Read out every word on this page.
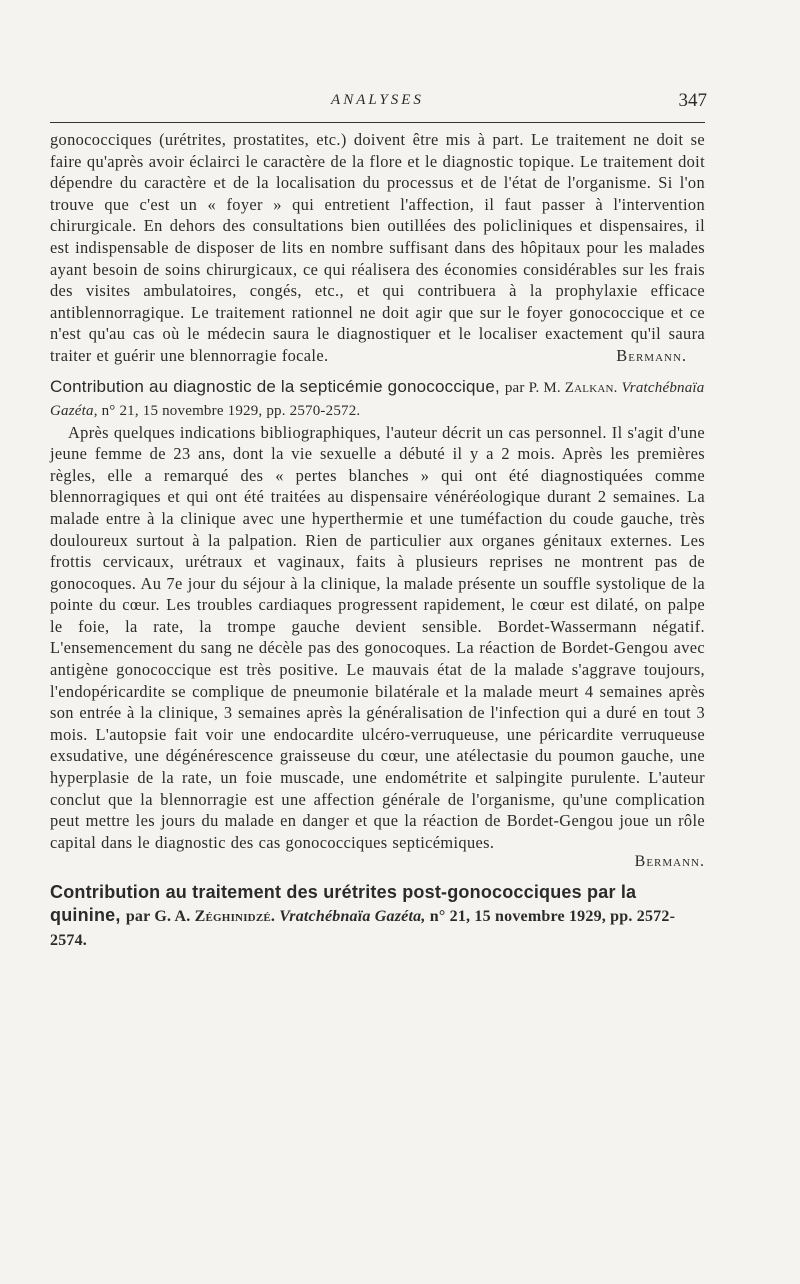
ANALYSES	347

gonococciques (urétrites, prostatites, etc.) doivent être mis à part. Le traitement ne doit se faire qu'après avoir éclairci le caractère de la flore et le diagnostic topique. Le traitement doit dépendre du caractère et de la localisation du processus et de l'état de l'organisme. Si l'on trouve que c'est un « foyer » qui entretient l'affection, il faut passer à l'intervention chirurgicale. En dehors des consultations bien outillées des policliniques et dispensaires, il est indispensable de disposer de lits en nombre suffisant dans des hôpitaux pour les malades ayant besoin de soins chirurgicaux, ce qui réalisera des économies considérables sur les frais des visites ambulatoires, congés, etc., et qui contribuera à la prophylaxie efficace antiblennorragique. Le traitement rationnel ne doit agir que sur le foyer gonococcique et ce n'est qu'au cas où le médecin saura le diagnostiquer et le localiser exactement qu'il saura traiter et guérir une blennorragie focale.	Bermann.

Contribution au diagnostic de la septicémie gonococcique, par P. M. Zalkan. Vratchébnaïa Gazéta, n° 21, 15 novembre 1929, pp. 2570-2572.

Après quelques indications bibliographiques, l'auteur décrit un cas personnel. Il s'agit d'une jeune femme de 23 ans, dont la vie sexuelle a débuté il y a 2 mois. Après les premières règles, elle a remarqué des « pertes blanches » qui ont été diagnostiquées comme blennorragiques et qui ont été traitées au dispensaire vénéréologique durant 2 semaines. La malade entre à la clinique avec une hyperthermie et une tuméfaction du coude gauche, très douloureux surtout à la palpation. Rien de particulier aux organes génitaux externes. Les frottis cervicaux, urétraux et vaginaux, faits à plusieurs reprises ne montrent pas de gonocoques. Au 7e jour du séjour à la clinique, la malade présente un souffle systolique de la pointe du cœur. Les troubles cardiaques progressent rapidement, le cœur est dilaté, on palpe le foie, la rate, la trompe gauche devient sensible. Bordet-Wassermann négatif. L'ensemencement du sang ne décèle pas des gonocoques. La réaction de Bordet-Gengou avec antigène gonococcique est très positive. Le mauvais état de la malade s'aggrave toujours, l'endopéricardite se complique de pneumonie bilatérale et la malade meurt 4 semaines après son entrée à la clinique, 3 semaines après la généralisation de l'infection qui a duré en tout 3 mois. L'autopsie fait voir une endocardite ulcéro-verruqueuse, une péricardite verruqueuse exsudative, une dégénérescence graisseuse du cœur, une atélectasie du poumon gauche, une hyperplasie de la rate, un foie muscade, une endométrite et salpingite purulente. L'auteur conclut que la blennorragie est une affection générale de l'organisme, qu'une complication peut mettre les jours du malade en danger et que la réaction de Bordet-Gengou joue un rôle capital dans le diagnostic des cas gonococciques septicémiques.

Bermann.
Contribution au traitement des urétrites post-gonococciques par la quinine, par G. A. Zéghinidzé. Vratchébnaïa Gazéta, n° 21, 15 novembre 1929, pp. 2572-2574.
